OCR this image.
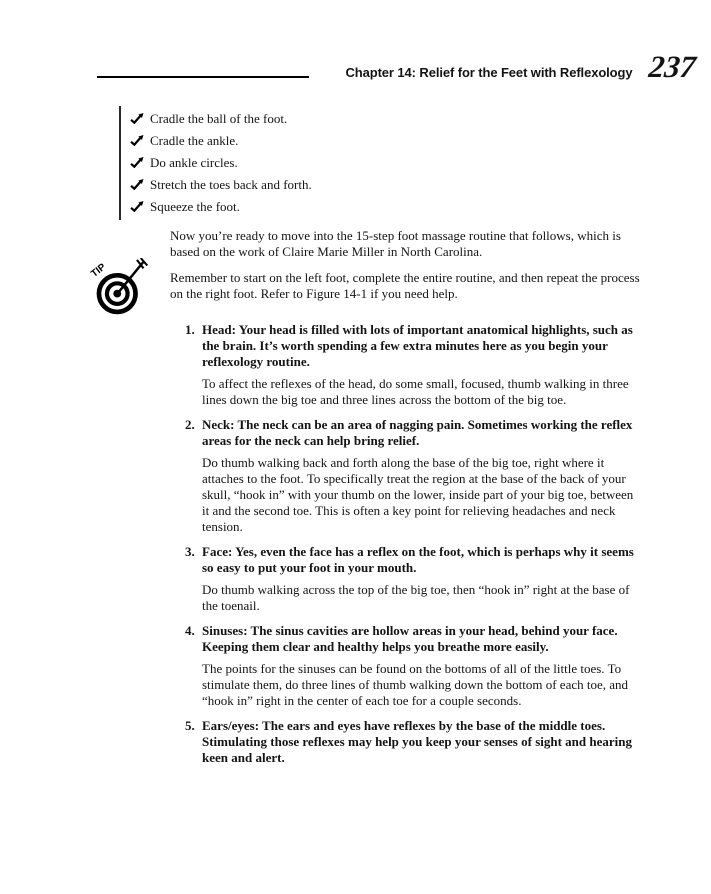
Chapter 14: Relief for the Feet with Reflexology 237
Cradle the ball of the foot.
Cradle the ankle.
Do ankle circles.
Stretch the toes back and forth.
Squeeze the foot.

Now you’re ready to move into the 15-step foot massage routine that follows, which is based on the work of Claire Marie Miller in North Carolina.

TIP	Remember to start on the left foot, complete the entire routine, and then repeat the process on the right foot. Refer to Figure 14-1 if you need help.

1. Head: Your head is filled with lots of important anatomical highlights, such as the brain. It’s worth spending a few extra minutes here as you begin your reflexology routine.

To affect the reflexes of the head, do some small, focused, thumb walking in three lines down the big toe and three lines across the bottom of the big toe.

2. Neck: The neck can be an area of nagging pain. Sometimes working the reflex areas for the neck can help bring relief.

Do thumb walking back and forth along the base of the big toe, right where it attaches to the foot. To specifically treat the region at the base of the back of your skull, “hook in” with your thumb on the lower, inside part of your big toe, between it and the second toe. This is often a key point for relieving headaches and neck tension.

3. Face: Yes, even the face has a reflex on the foot, which is perhaps why it seems so easy to put your foot in your mouth.

Do thumb walking across the top of the big toe, then “hook in” right at the base of the toenail.

4. Sinuses: The sinus cavities are hollow areas in your head, behind your face. Keeping them clear and healthy helps you breathe more easily.

The points for the sinuses can be found on the bottoms of all of the little toes. To stimulate them, do three lines of thumb walking down the bottom of each toe, and “hook in” right in the center of each toe for a couple seconds.

5. Ears/eyes: The ears and eyes have reflexes by the base of the middle toes. Stimulating those reflexes may help you keep your senses of sight and hearing keen and alert.
